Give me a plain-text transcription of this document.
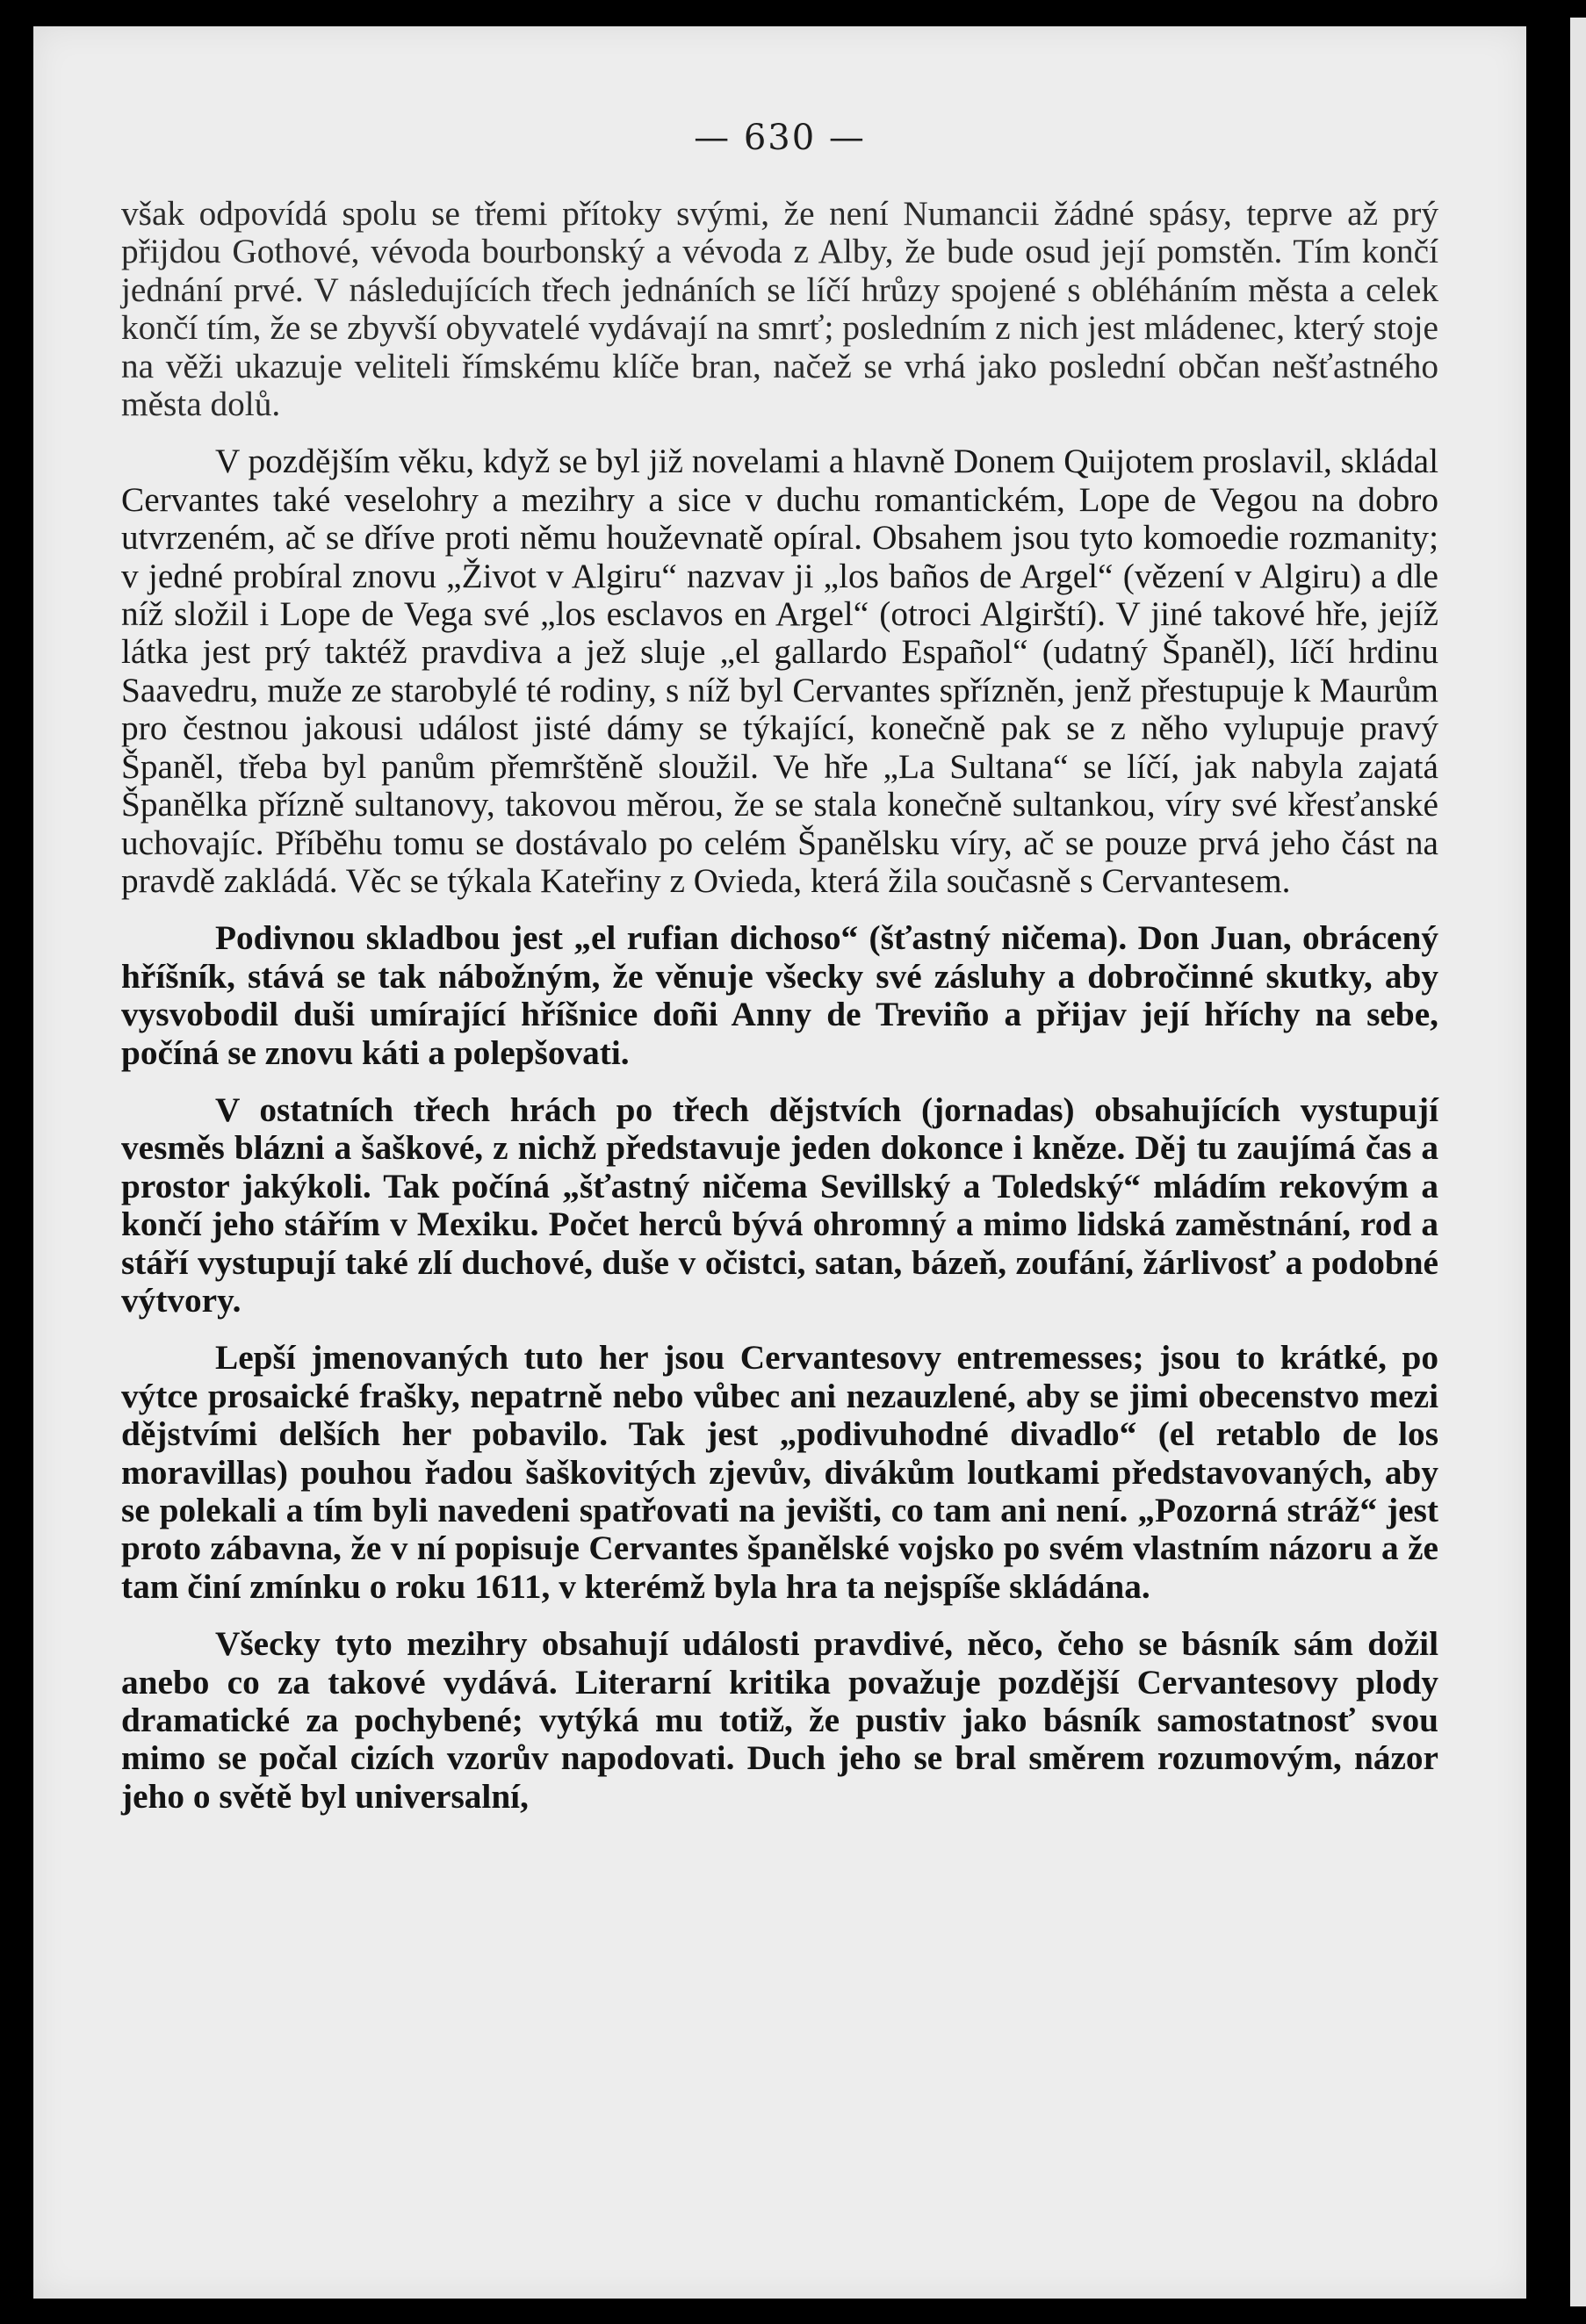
— 630 —

však odpovídá spolu se třemi přítoky svými, že není Numancii žádné spásy, teprve až prý přijdou Gothové, vévoda bourbonský a vévoda z Alby, že bude osud její pomstěn. Tím končí jednání prvé. V následujících třech jednáních se líčí hrůzy spojené s obléháním města a celek končí tím, že se zbyvší obyvatelé vydávají na smrť; posledním z nich jest mládenec, který stoje na věži ukazuje veliteli římskému klíče bran, načež se vrhá jako poslední občan nešťastného města dolů.

V pozdějším věku, když se byl již novelami a hlavně Donem Quijotem proslavil, skládal Cervantes také veselohry a mezihry a sice v duchu romantickém, Lope de Vegou na dobro utvrzeném, ač se dříve proti němu houževnatě opíral. Obsahem jsou tyto komoedie rozmanity; v jedné probíral znovu „Život v Algiru“ nazvav ji „los baños de Argel“ (vězení v Algiru) a dle níž složil i Lope de Vega své „los esclavos en Argel“ (otroci Algirští). V jiné takové hře, jejíž látka jest prý taktéž pravdiva a jež sluje „el gallardo Español“ (udatný Španěl), líčí hrdinu Saavedru, muže ze starobylé té rodiny, s níž byl Cervantes spřízněn, jenž přestupuje k Maurům pro čestnou jakousi událost jisté dámy se týkající, konečně pak se z něho vylupuje pravý Španěl, třeba byl panům přemrštěně sloužil. Ve hře „La Sultana“ se líčí, jak nabyla zajatá Španělka přízně sultanovy, takovou měrou, že se stala konečně sultankou, víry své křesťanské uchovajíc. Příběhu tomu se dostávalo po celém Španělsku víry, ač se pouze prvá jeho část na pravdě zakládá. Věc se týkala Kateřiny z Ovieda, která žila současně s Cervantesem.

Podivnou skladbou jest „el rufian dichoso“ (šťastný ničema). Don Juan, obrácený hříšník, stává se tak nábožným, že věnuje všecky své zásluhy a dobročinné skutky, aby vysvobodil duši umírající hříšnice doñi Anny de Treviño a přijav její hříchy na sebe, počíná se znovu káti a polepšovati.

V ostatních třech hrách po třech dějstvích (jornadas) obsahujících vystupují vesměs blázni a šaškové, z nichž představuje jeden dokonce i kněze. Děj tu zaujímá čas a prostor jakýkoli. Tak počíná „šťastný ničema Sevillský a Toledský“ mládím rekovým a končí jeho stářím v Mexiku. Počet herců bývá ohromný a mimo lidská zaměstnání, rod a stáří vystupují také zlí duchové, duše v očistci, satan, bázeň, zoufání, žárlivosť a podobné výtvory.

Lepší jmenovaných tuto her jsou Cervantesovy entremesses; jsou to krátké, po výtce prosaické frašky, nepatrně nebo vůbec ani nezauzlené, aby se jimi obecenstvo mezi dějstvími delších her pobavilo. Tak jest „podivuhodné divadlo“ (el retablo de los moravillas) pouhou řadou šaškovitých zjevův, divákům loutkami představovaných, aby se polekali a tím byli navedeni spatřovati na jevišti, co tam ani není. „Pozorná stráž“ jest proto zábavna, že v ní popisuje Cervantes španělské vojsko po svém vlastním názoru a že tam činí zmínku o roku 1611, v kterémž byla hra ta nejspíše skládána.

Všecky tyto mezihry obsahují události pravdivé, něco, čeho se básník sám dožil anebo co za takové vydává. Literarní kritika považuje pozdější Cervantesovy plody dramatické za pochybené; vytýká mu totiž, že pustiv jako básník samostatnosť svou mimo se počal cizích vzorův napodovati. Duch jeho se bral směrem rozumovým, názor jeho o světě byl universalní,
